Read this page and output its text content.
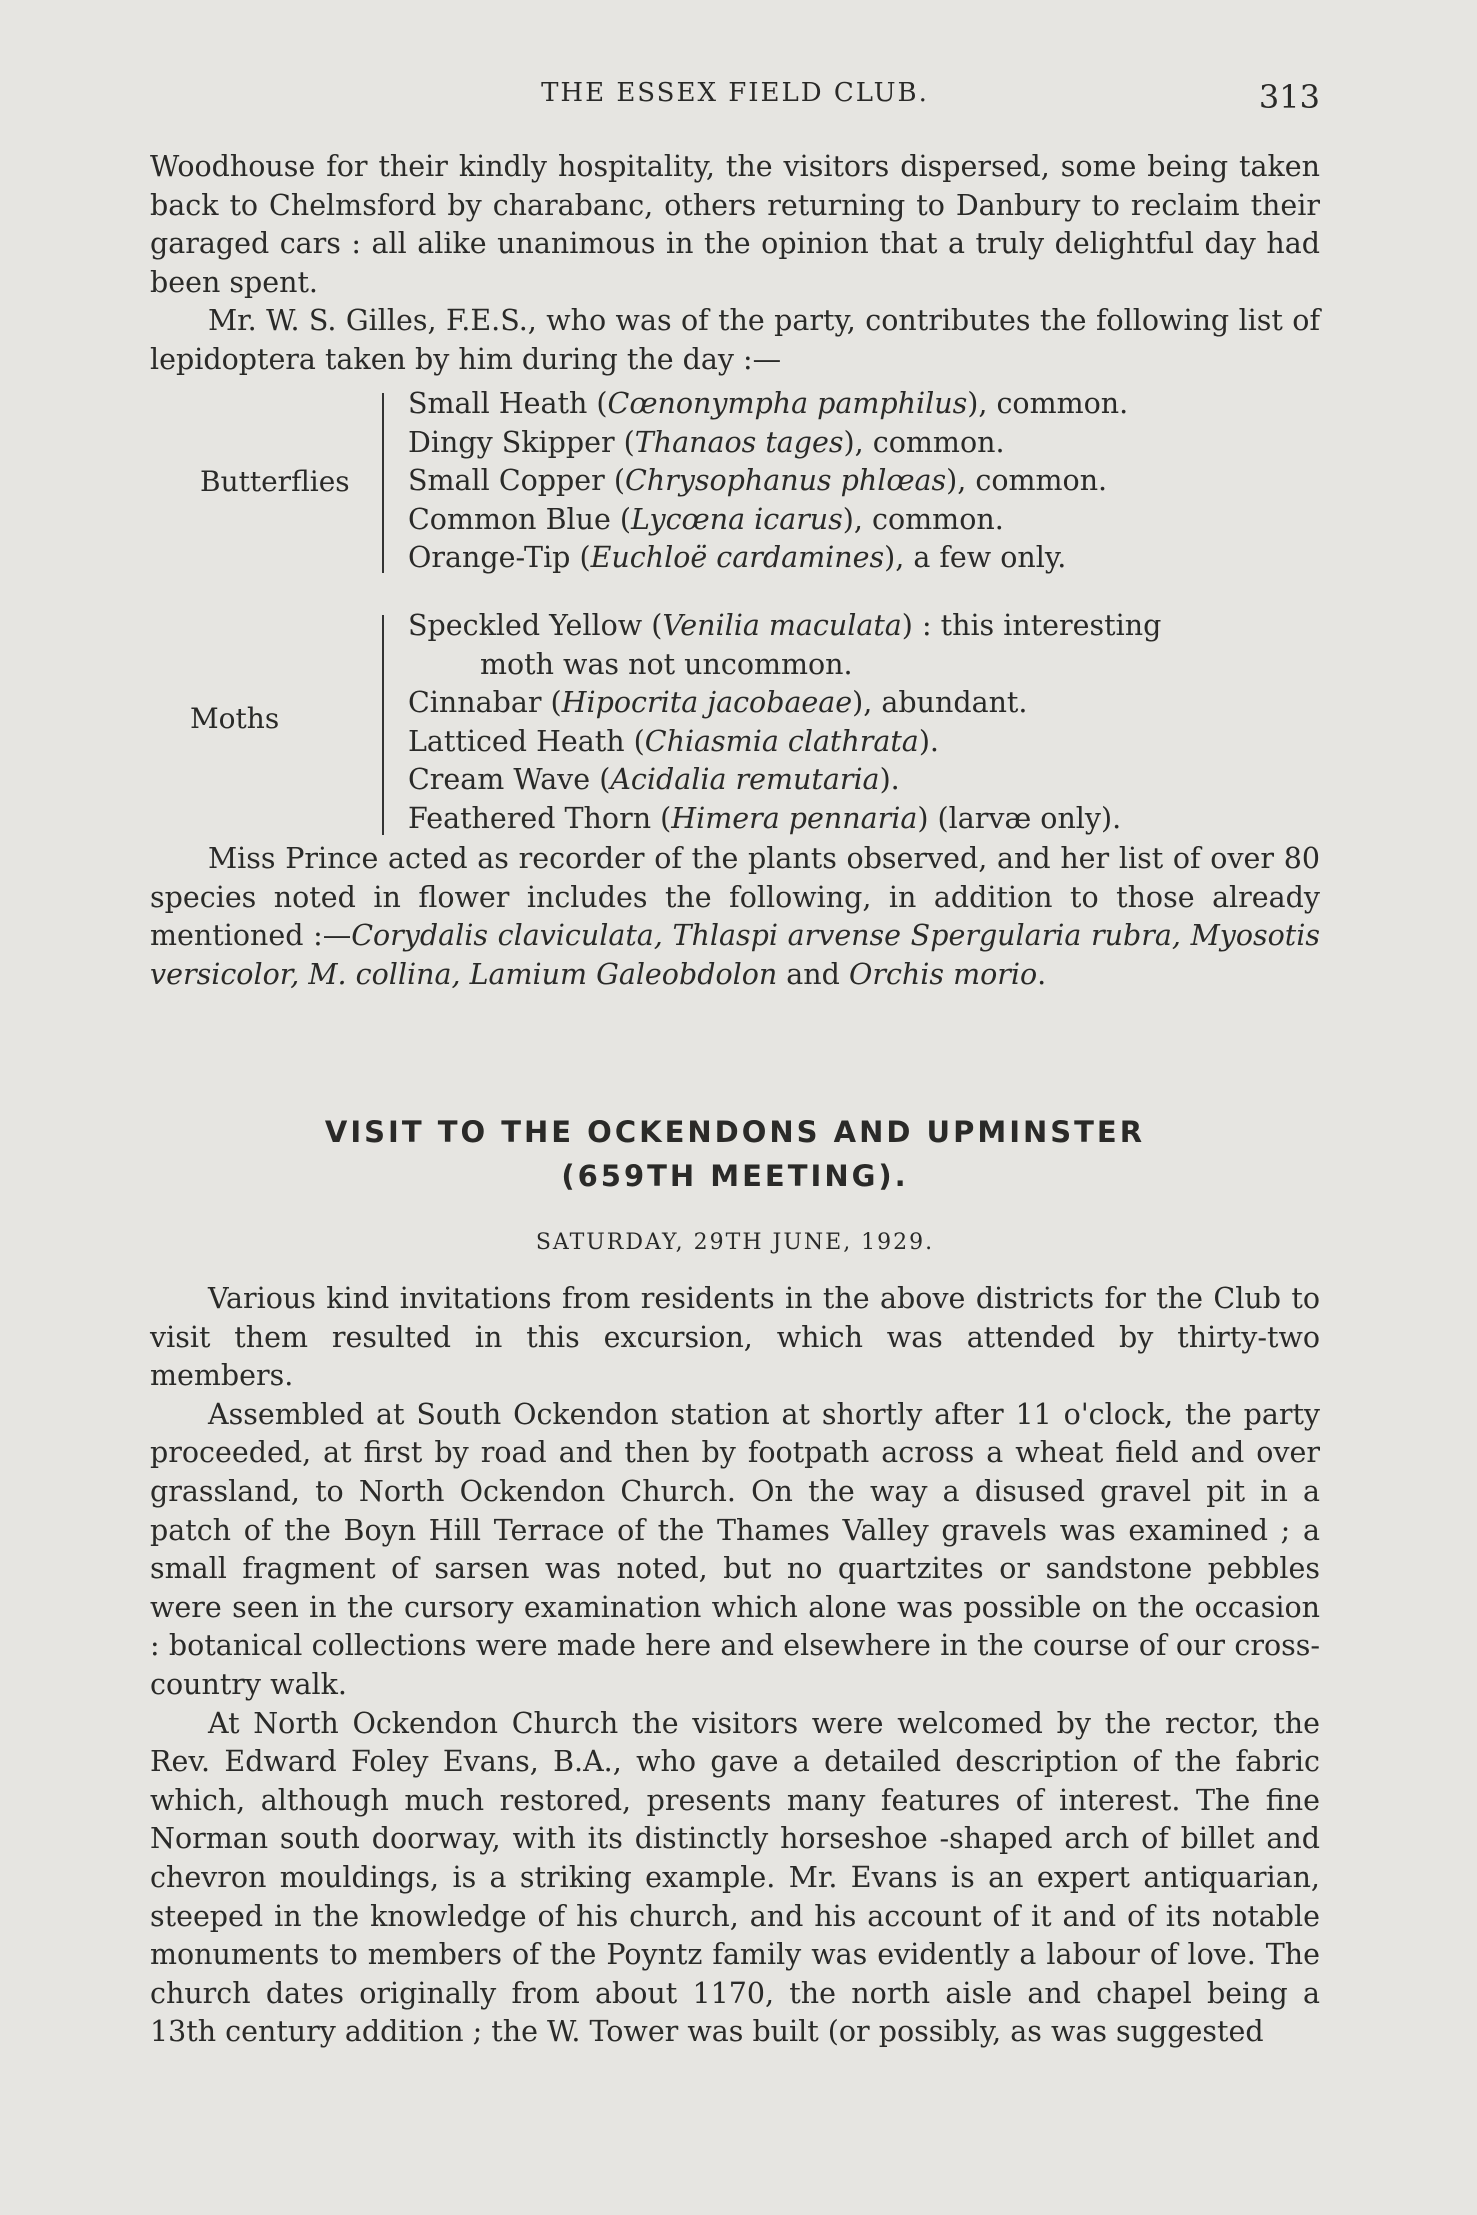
THE ESSEX FIELD CLUB.	313

Woodhouse for their kindly hospitality, the visitors dispersed, some being taken back to Chelmsford by charabanc, others returning to Danbury to reclaim their garaged cars : all alike unanimous in the opinion that a truly delightful day had been spent.

Mr. W. S. Gilles, F.E.S., who was of the party, contributes the following list of lepidoptera taken by him during the day :—

Butterflies

Small Heath (Cœnonympha pamphilus), common.

Dingy Skipper (Thanaos tages), common.

Small Copper (Chrysophanus phlœas), common.

Common Blue (Lycœna icarus), common.

Orange-Tip (Euchloë cardamines), a few only.

Moths

Speckled Yellow (Venilia maculata) : this interesting
moth was not uncommon.

Cinnabar (Hipocrita jacobaeae), abundant.

Latticed Heath (Chiasmia clathrata).

Cream Wave (Acidalia remutaria).

Feathered Thorn (Himera pennaria) (larvæ only).

Miss Prince acted as recorder of the plants observed, and her list of over 80 species noted in flower includes the following, in addition to those already mentioned :—Corydalis claviculata, Thlaspi arvense Spergularia rubra, Myosotis versicolor, M. collina, Lamium Galeobdolon and Orchis morio.

VISIT TO THE OCKENDONS AND UPMINSTER
(659TH MEETING).
SATURDAY, 29TH JUNE, 1929.

Various kind invitations from residents in the above districts for the Club to visit them resulted in this excursion, which was attended by thirty-two members.

Assembled at South Ockendon station at shortly after 11 o'clock, the party proceeded, at first by road and then by footpath across a wheat field and over grassland, to North Ockendon Church. On the way a disused gravel pit in a patch of the Boyn Hill Terrace of the Thames Valley gravels was examined ; a small fragment of sarsen was noted, but no quartzites or sandstone pebbles were seen in the cursory examination which alone was possible on the occasion : botanical collections were made here and elsewhere in the course of our cross-country walk.

At North Ockendon Church the visitors were welcomed by the rector, the Rev. Edward Foley Evans, B.A., who gave a detailed description of the fabric which, although much restored, presents many features of interest. The fine Norman south doorway, with its distinctly horseshoe -shaped arch of billet and chevron mouldings, is a striking example. Mr. Evans is an expert antiquarian, steeped in the knowledge of his church, and his account of it and of its notable monuments to members of the Poyntz family was evidently a labour of love. The church dates originally from about 1170, the north aisle and chapel being a 13th century addition ; the W. Tower was built (or possibly, as was suggested
